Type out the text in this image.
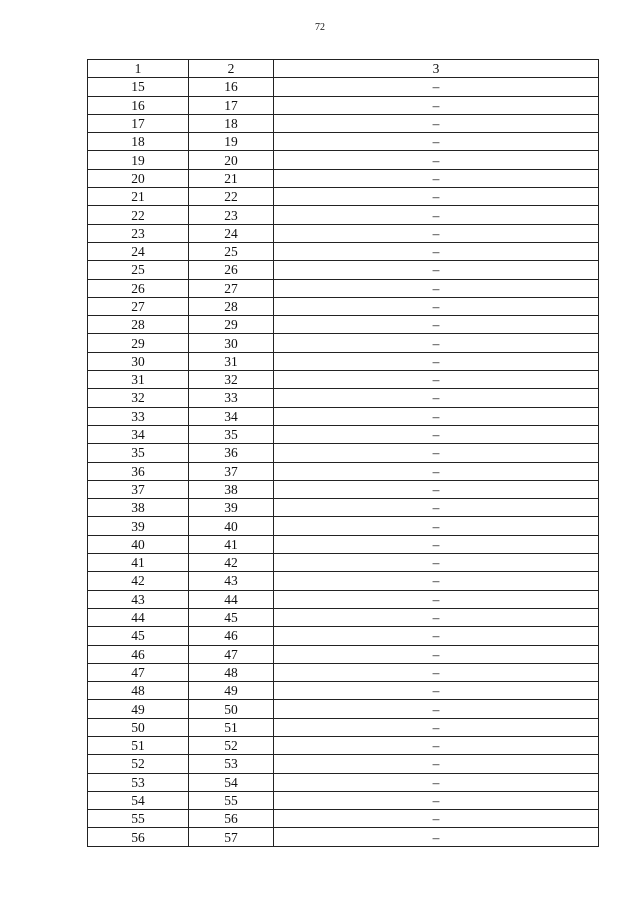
72
1	2	3
15	16	–
16	17	–
17	18	–
18	19	–
19	20	–
20	21	–
21	22	–
22	23	–
23	24	–
24	25	–
25	26	–
26	27	–
27	28	–
28	29	–
29	30	–
30	31	–
31	32	–
32	33	–
33	34	–
34	35	–
35	36	–
36	37	–
37	38	–
38	39	–
39	40	–
40	41	–
41	42	–
42	43	–
43	44	–
44	45	–
45	46	–
46	47	–
47	48	–
48	49	–
49	50	–
50	51	–
51	52	–
52	53	–
53	54	–
54	55	–
55	56	–
56	57	–
